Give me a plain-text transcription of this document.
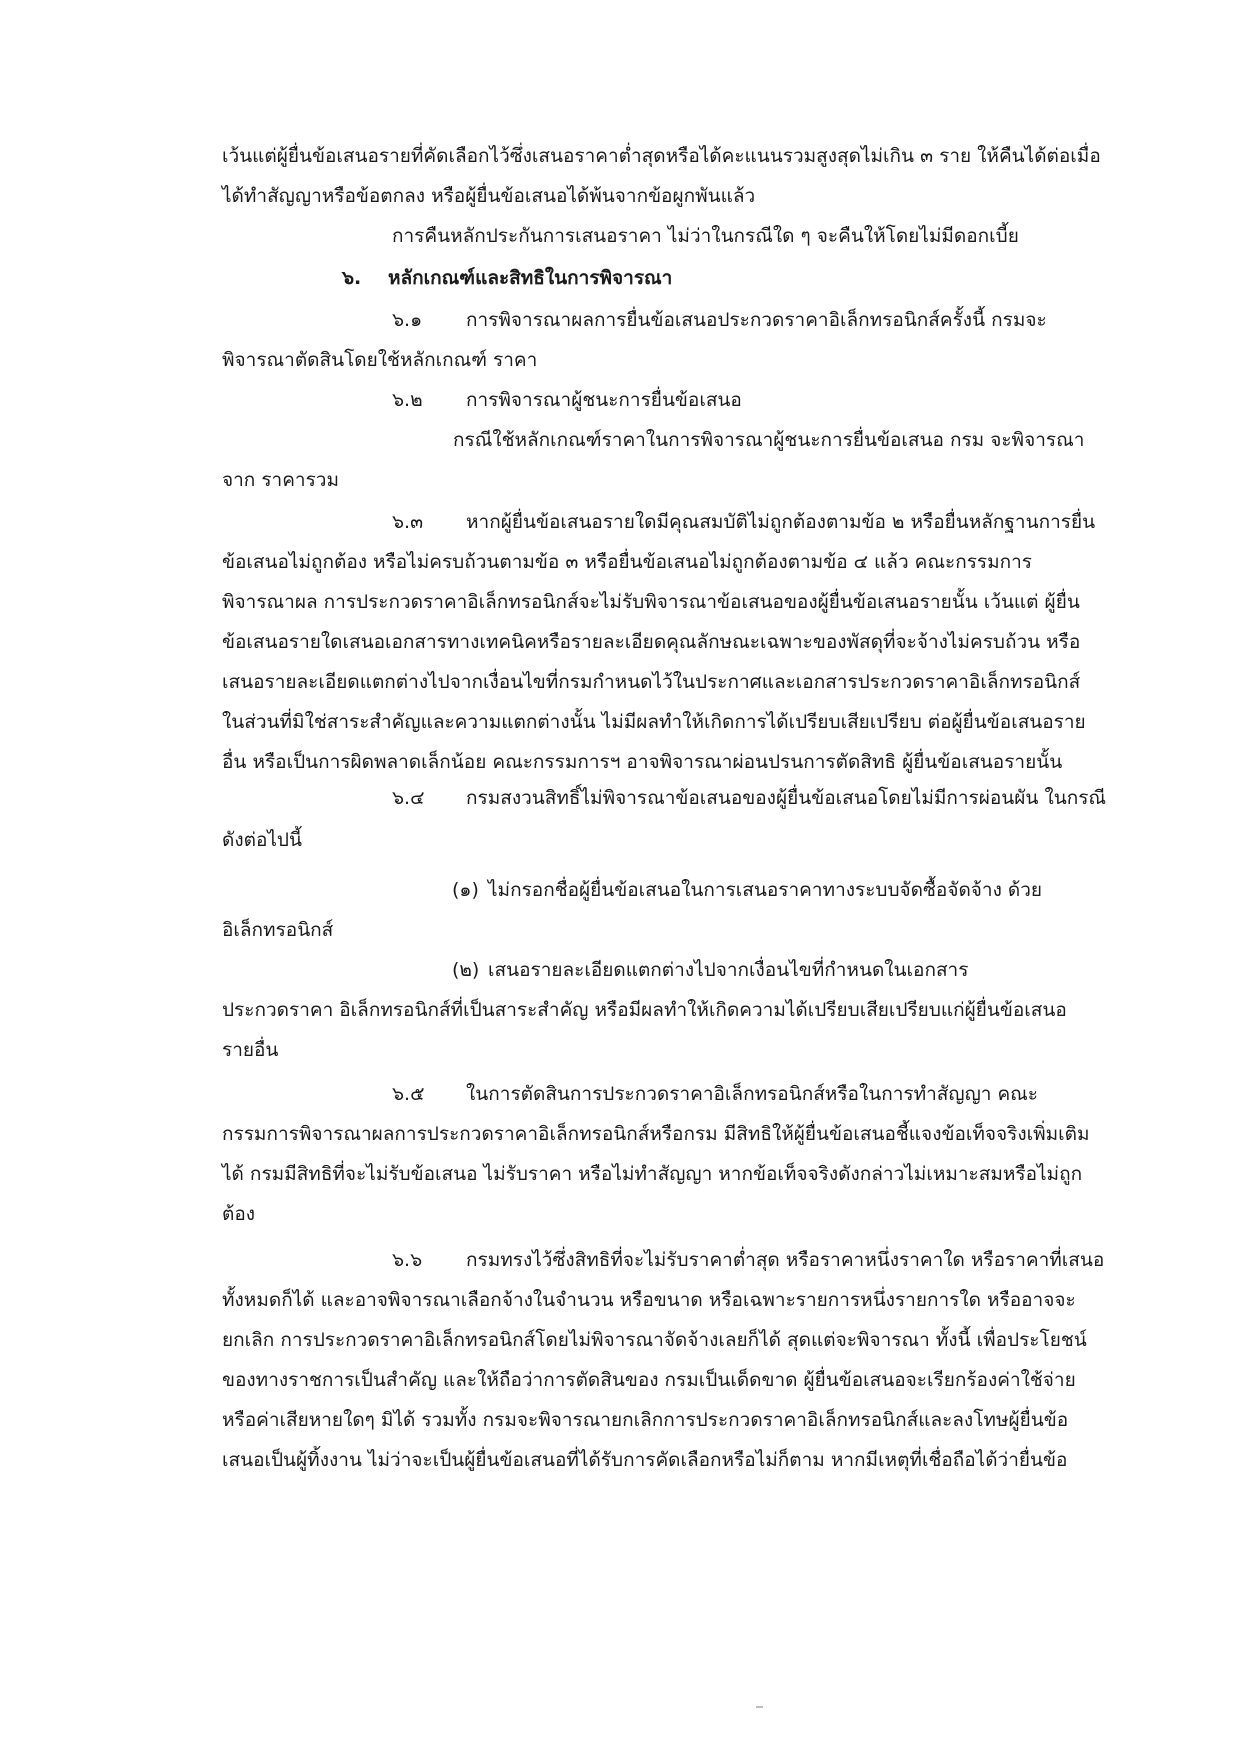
เว้นแต่ผู้ยื่นข้อเสนอรายที่คัดเลือกไว้ซึ่งเสนอราคาต่ำสุดหรือได้คะแนนรวมสูงสุดไม่เกิน ๓ ราย ให้คืนได้ต่อเมื่อ
ได้ทำสัญญาหรือข้อตกลง หรือผู้ยื่นข้อเสนอได้พ้นจากข้อผูกพันแล้ว
การคืนหลักประกันการเสนอราคา ไม่ว่าในกรณีใด ๆ จะคืนให้โดยไม่มีดอกเบี้ย
๖. หลักเกณฑ์และสิทธิในการพิจารณา
๖.๑ การพิจารณาผลการยื่นข้อเสนอประกวดราคาอิเล็กทรอนิกส์ครั้งนี้ กรมจะ
พิจารณาตัดสินโดยใช้หลักเกณฑ์ ราคา
๖.๒ การพิจารณาผู้ชนะการยื่นข้อเสนอ
กรณีใช้หลักเกณฑ์ราคาในการพิจารณาผู้ชนะการยื่นข้อเสนอ กรม จะพิจารณา
จาก ราคารวม
๖.๓ หากผู้ยื่นข้อเสนอรายใดมีคุณสมบัติไม่ถูกต้องตามข้อ ๒ หรือยื่นหลักฐานการยื่น
ข้อเสนอไม่ถูกต้อง หรือไม่ครบถ้วนตามข้อ ๓ หรือยื่นข้อเสนอไม่ถูกต้องตามข้อ ๔ แล้ว คณะกรรมการ
พิจารณาผล การประกวดราคาอิเล็กทรอนิกส์จะไม่รับพิจารณาข้อเสนอของผู้ยื่นข้อเสนอรายนั้น เว้นแต่ ผู้ยื่น
ข้อเสนอรายใดเสนอเอกสารทางเทคนิคหรือรายละเอียดคุณลักษณะเฉพาะของพัสดุที่จะจ้างไม่ครบถ้วน หรือ
เสนอรายละเอียดแตกต่างไปจากเงื่อนไขที่กรมกำหนดไว้ในประกาศและเอกสารประกวดราคาอิเล็กทรอนิกส์
ในส่วนที่มิใช่สาระสำคัญและความแตกต่างนั้น ไม่มีผลทำให้เกิดการได้เปรียบเสียเปรียบ ต่อผู้ยื่นข้อเสนอราย
อื่น หรือเป็นการผิดพลาดเล็กน้อย คณะกรรมการฯ อาจพิจารณาผ่อนปรนการตัดสิทธิ ผู้ยื่นข้อเสนอรายนั้น
๖.๔ กรมสงวนสิทธิ์ไม่พิจารณาข้อเสนอของผู้ยื่นข้อเสนอโดยไม่มีการผ่อนผัน ในกรณี
ดังต่อไปนี้
(๑) ไม่กรอกชื่อผู้ยื่นข้อเสนอในการเสนอราคาทางระบบจัดซื้อจัดจ้าง ด้วย
อิเล็กทรอนิกส์
(๒) เสนอรายละเอียดแตกต่างไปจากเงื่อนไขที่กำหนดในเอกสาร
ประกวดราคา อิเล็กทรอนิกส์ที่เป็นสาระสำคัญ หรือมีผลทำให้เกิดความได้เปรียบเสียเปรียบแก่ผู้ยื่นข้อเสนอ
รายอื่น
๖.๕ ในการตัดสินการประกวดราคาอิเล็กทรอนิกส์หรือในการทำสัญญา คณะ
กรรมการพิจารณาผลการประกวดราคาอิเล็กทรอนิกส์หรือกรม มีสิทธิให้ผู้ยื่นข้อเสนอชี้แจงข้อเท็จจริงเพิ่มเติม
ได้ กรมมีสิทธิที่จะไม่รับข้อเสนอ ไม่รับราคา หรือไม่ทำสัญญา หากข้อเท็จจริงดังกล่าวไม่เหมาะสมหรือไม่ถูก
ต้อง
๖.๖ กรมทรงไว้ซึ่งสิทธิที่จะไม่รับราคาต่ำสุด หรือราคาหนึ่งราคาใด หรือราคาที่เสนอ
ทั้งหมดก็ได้ และอาจพิจารณาเลือกจ้างในจำนวน หรือขนาด หรือเฉพาะรายการหนึ่งรายการใด หรืออาจจะ
ยกเลิก การประกวดราคาอิเล็กทรอนิกส์โดยไม่พิจารณาจัดจ้างเลยก็ได้ สุดแต่จะพิจารณา ทั้งนี้ เพื่อประโยชน์
ของทางราชการเป็นสำคัญ และให้ถือว่าการตัดสินของ กรมเป็นเด็ดขาด ผู้ยื่นข้อเสนอจะเรียกร้องค่าใช้จ่าย
หรือค่าเสียหายใดๆ มิได้ รวมทั้ง กรมจะพิจารณายกเลิกการประกวดราคาอิเล็กทรอนิกส์และลงโทษผู้ยื่นข้อ
เสนอเป็นผู้ทิ้งงาน ไม่ว่าจะเป็นผู้ยื่นข้อเสนอที่ได้รับการคัดเลือกหรือไม่ก็ตาม หากมีเหตุที่เชื่อถือได้ว่ายื่นข้อ
